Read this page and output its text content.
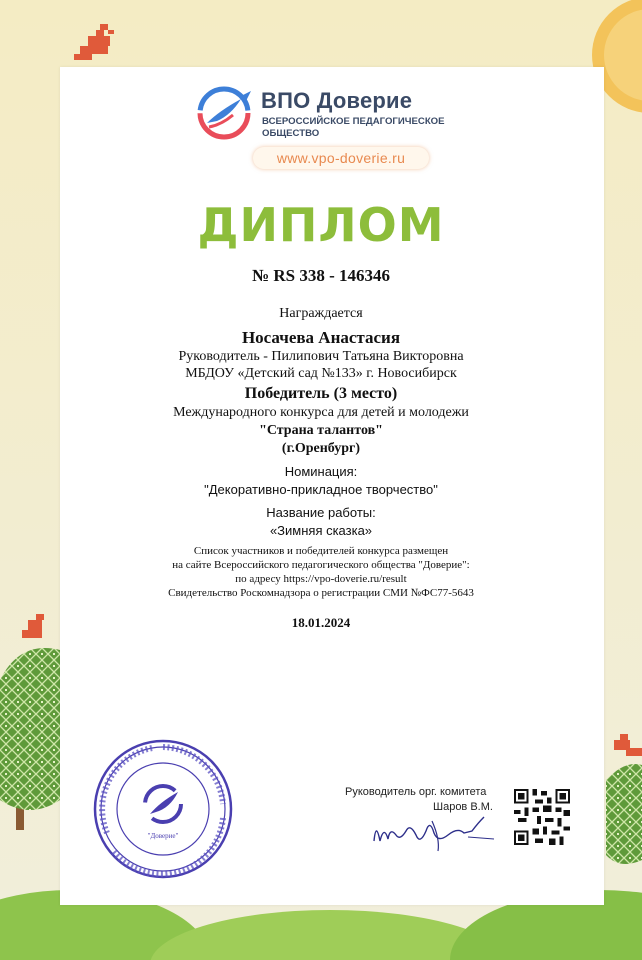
ВПО Доверие
ВСЕРОССИЙСКОЕ ПЕДАГОГИЧЕСКОЕ ОБЩЕСТВО
www.vpo-doverie.ru
ДИПЛОМ
№ RS 338 - 146346
Награждается
Носачева Анастасия
Руководитель - Пилипович Татьяна Викторовна
МБДОУ «Детский сад №133» г. Новосибирск
Победитель (3 место)
Международного конкурса для детей и молодежи
"Страна талантов"
(г.Оренбург)
Номинация:
"Декоративно-прикладное творчество"
Название работы:
«Зимняя сказка»
Список участников и победителей конкурса размещен
на сайте Всероссийского педагогического общества "Доверие":
по адресу https://vpo-doverie.ru/result
Свидетельство Роскомнадзора о регистрации СМИ №ФС77-5643
18.01.2024
"Доверие"
Руководитель орг. комитета
Шаров В.М.
